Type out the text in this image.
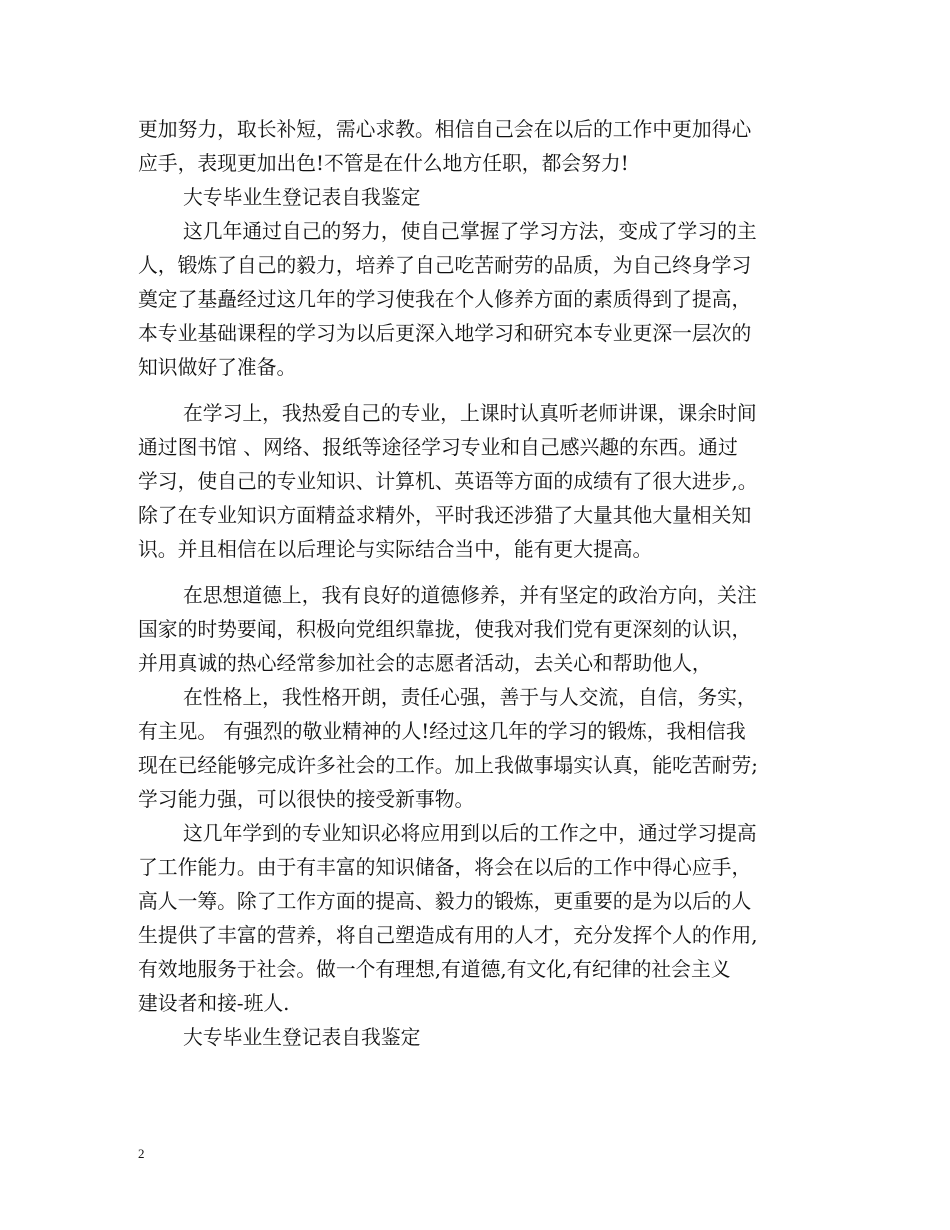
更加努力，取长补短，需心求教。相信自己会在以后的工作中更加得心
应手，表现更加出色!不管是在什么地方任职，都会努力!
大专毕业生登记表自我鉴定
这几年通过自己的努力，使自己掌握了学习方法，变成了学习的主
人，锻炼了自己的毅力，培养了自己吃苦耐劳的品质，为自己终身学习
奠定了基矗经过这几年的学习使我在个人修养方面的素质得到了提高，
本专业基础课程的学习为以后更深入地学习和研究本专业更深一层次的
知识做好了准备。
在学习上，我热爱自己的专业，上课时认真听老师讲课，课余时间
通过图书馆 、网络、报纸等途径学习专业和自己感兴趣的东西。通过
学习，使自己的专业知识、计算机、英语等方面的成绩有了很大进步,。
除了在专业知识方面精益求精外，平时我还涉猎了大量其他大量相关知
识。并且相信在以后理论与实际结合当中，能有更大提高。
在思想道德上，我有良好的道德修养，并有坚定的政治方向，关注
国家的时势要闻，积极向党组织靠拢，使我对我们党有更深刻的认识，
并用真诚的热心经常参加社会的志愿者活动，去关心和帮助他人，
在性格上，我性格开朗，责任心强，善于与人交流，自信，务实，
有主见。 有强烈的敬业精神的人!经过这几年的学习的锻炼，我相信我
现在已经能够完成许多社会的工作。加上我做事塌实认真，能吃苦耐劳;
学习能力强，可以很快的接受新事物。
这几年学到的专业知识必将应用到以后的工作之中，通过学习提高
了工作能力。由于有丰富的知识储备，将会在以后的工作中得心应手，
高人一筹。除了工作方面的提高、毅力的锻炼，更重要的是为以后的人
生提供了丰富的营养，将自己塑造成有用的人才，充分发挥个人的作用,
有效地服务于社会。做一个有理想,有道德,有文化,有纪律的社会主义
建设者和接-班人.
大专毕业生登记表自我鉴定
2
